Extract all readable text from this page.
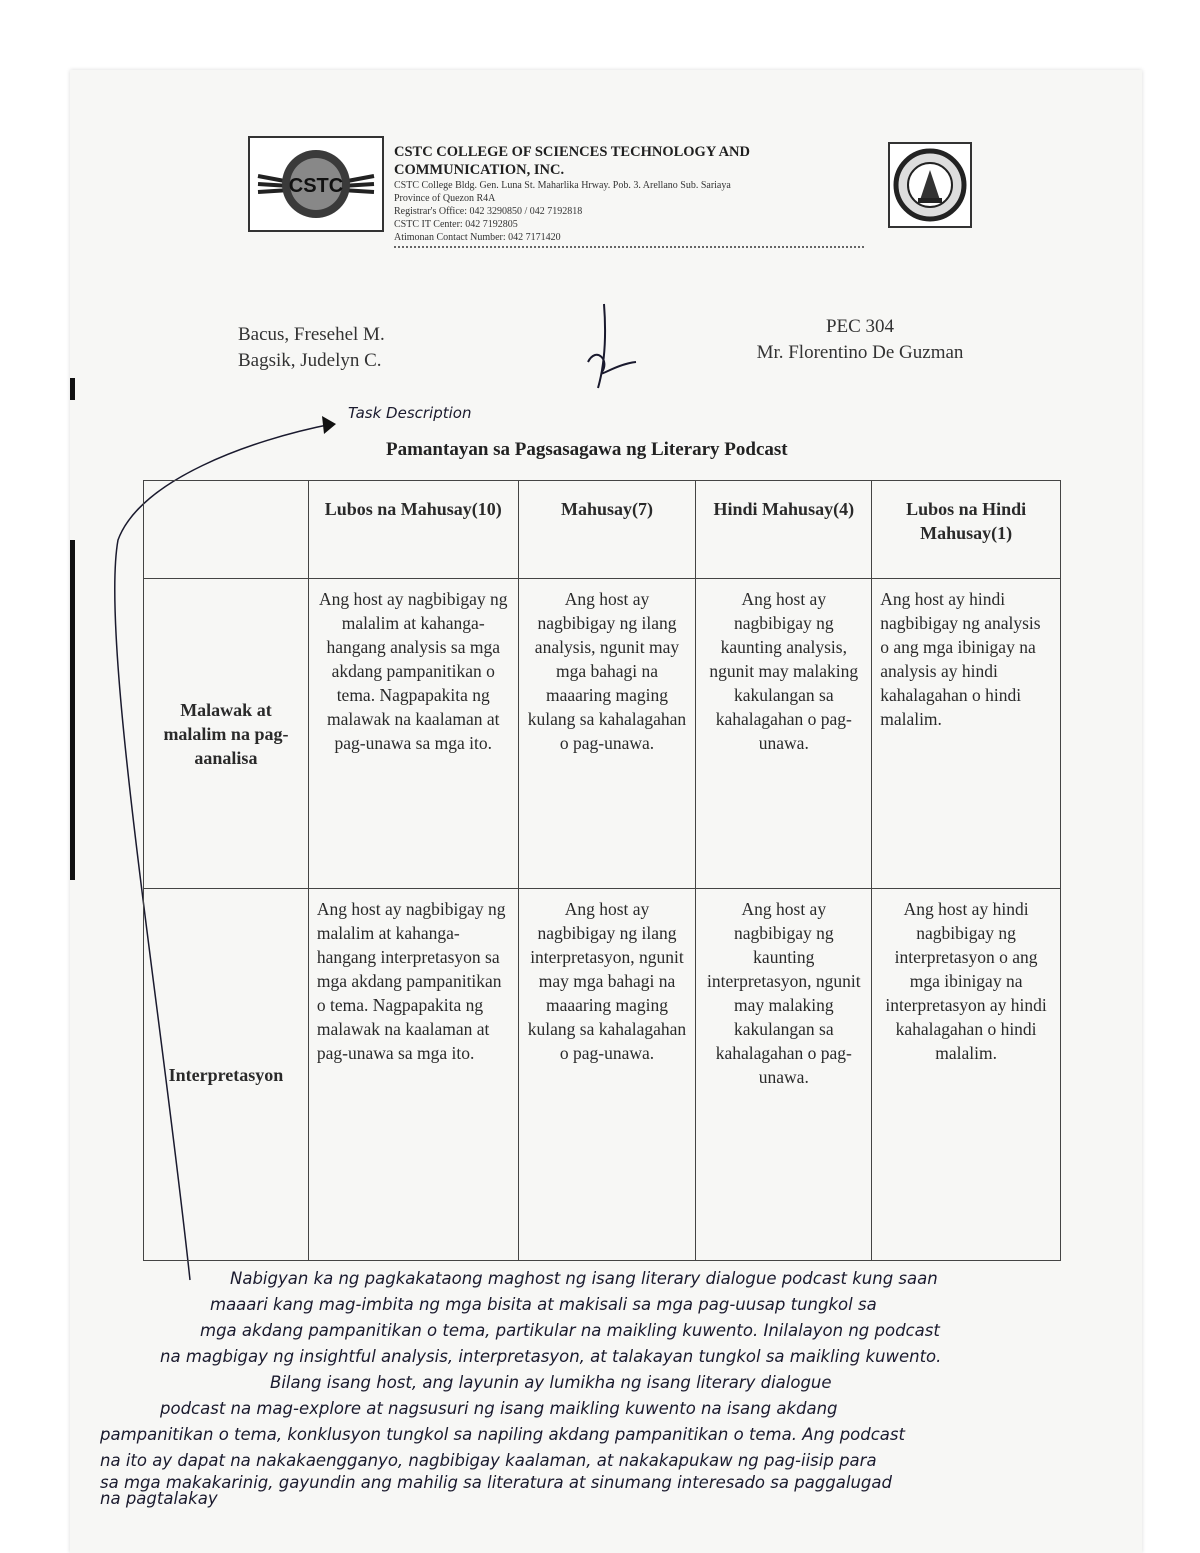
CSTC
CSTC COLLEGE OF SCIENCES TECHNOLOGY AND COMMUNICATION, INC.
CSTC College Bldg. Gen. Luna St. Maharlika Hrway. Pob. 3. Arellano Sub. Sariaya
Province of Quezon R4A
Registrar's Office: 042 3290850 / 042 7192818
CSTC IT Center: 042 7192805
Atimonan Contact Number: 042 7171420
Bacus, Fresehel M.
Bagsik, Judelyn C.
PEC 304
Mr. Florentino De Guzman
Task Description
Pamantayan sa Pagsasagawa ng Literary Podcast
	Lubos na Mahusay(10)	Mahusay(7)	Hindi Mahusay(4)	Lubos na Hindi Mahusay(1)
Malawak at malalim na pag-aanalisa	Ang host ay nagbibigay ng malalim at kahanga-hangang analysis sa mga akdang pampanitikan o tema. Nagpapakita ng malawak na kaalaman at pag-unawa sa mga ito.	Ang host ay nagbibigay ng ilang analysis, ngunit may mga bahagi na maaaring maging kulang sa kahalagahan o pag-unawa.	Ang host ay nagbibigay ng kaunting analysis, ngunit may malaking kakulangan sa kahalagahan o pag-unawa.	Ang host ay hindi nagbibigay ng analysis o ang mga ibinigay na analysis ay hindi kahalagahan o hindi malalim.
Interpretasyon	Ang host ay nagbibigay ng malalim at kahanga-hangang interpretasyon sa mga akdang pampanitikan o tema. Nagpapakita ng malawak na kaalaman at pag-unawa sa mga ito.	Ang host ay nagbibigay ng ilang interpretasyon, ngunit may mga bahagi na maaaring maging kulang sa kahalagahan o pag-unawa.	Ang host ay nagbibigay ng kaunting interpretasyon, ngunit may malaking kakulangan sa kahalagahan o pag-unawa.	Ang host ay hindi nagbibigay ng interpretasyon o ang mga ibinigay na interpretasyon ay hindi kahalagahan o hindi malalim.
Nabigyan ka ng pagkakataong maghost ng isang literary dialogue podcast kung saan
maaari kang mag-imbita ng mga bisita at makisali sa mga pag-uusap tungkol sa
mga akdang pampanitikan o tema, partikular na maikling kuwento. Inilalayon ng podcast
na magbigay ng insightful analysis, interpretasyon, at talakayan tungkol sa maikling kuwento.
Bilang isang host, ang layunin ay lumikha ng isang literary dialogue
podcast na mag-explore at nagsusuri ng isang maikling kuwento na isang akdang
pampanitikan o tema, konklusyon tungkol sa napiling akdang pampanitikan o tema. Ang podcast
na ito ay dapat na nakakaengganyo, nagbibigay kaalaman, at nakakapukaw ng pag-iisip para
sa mga makakarinig, gayundin ang mahilig sa literatura at sinumang interesado sa paggalugad
na pagtalakay
